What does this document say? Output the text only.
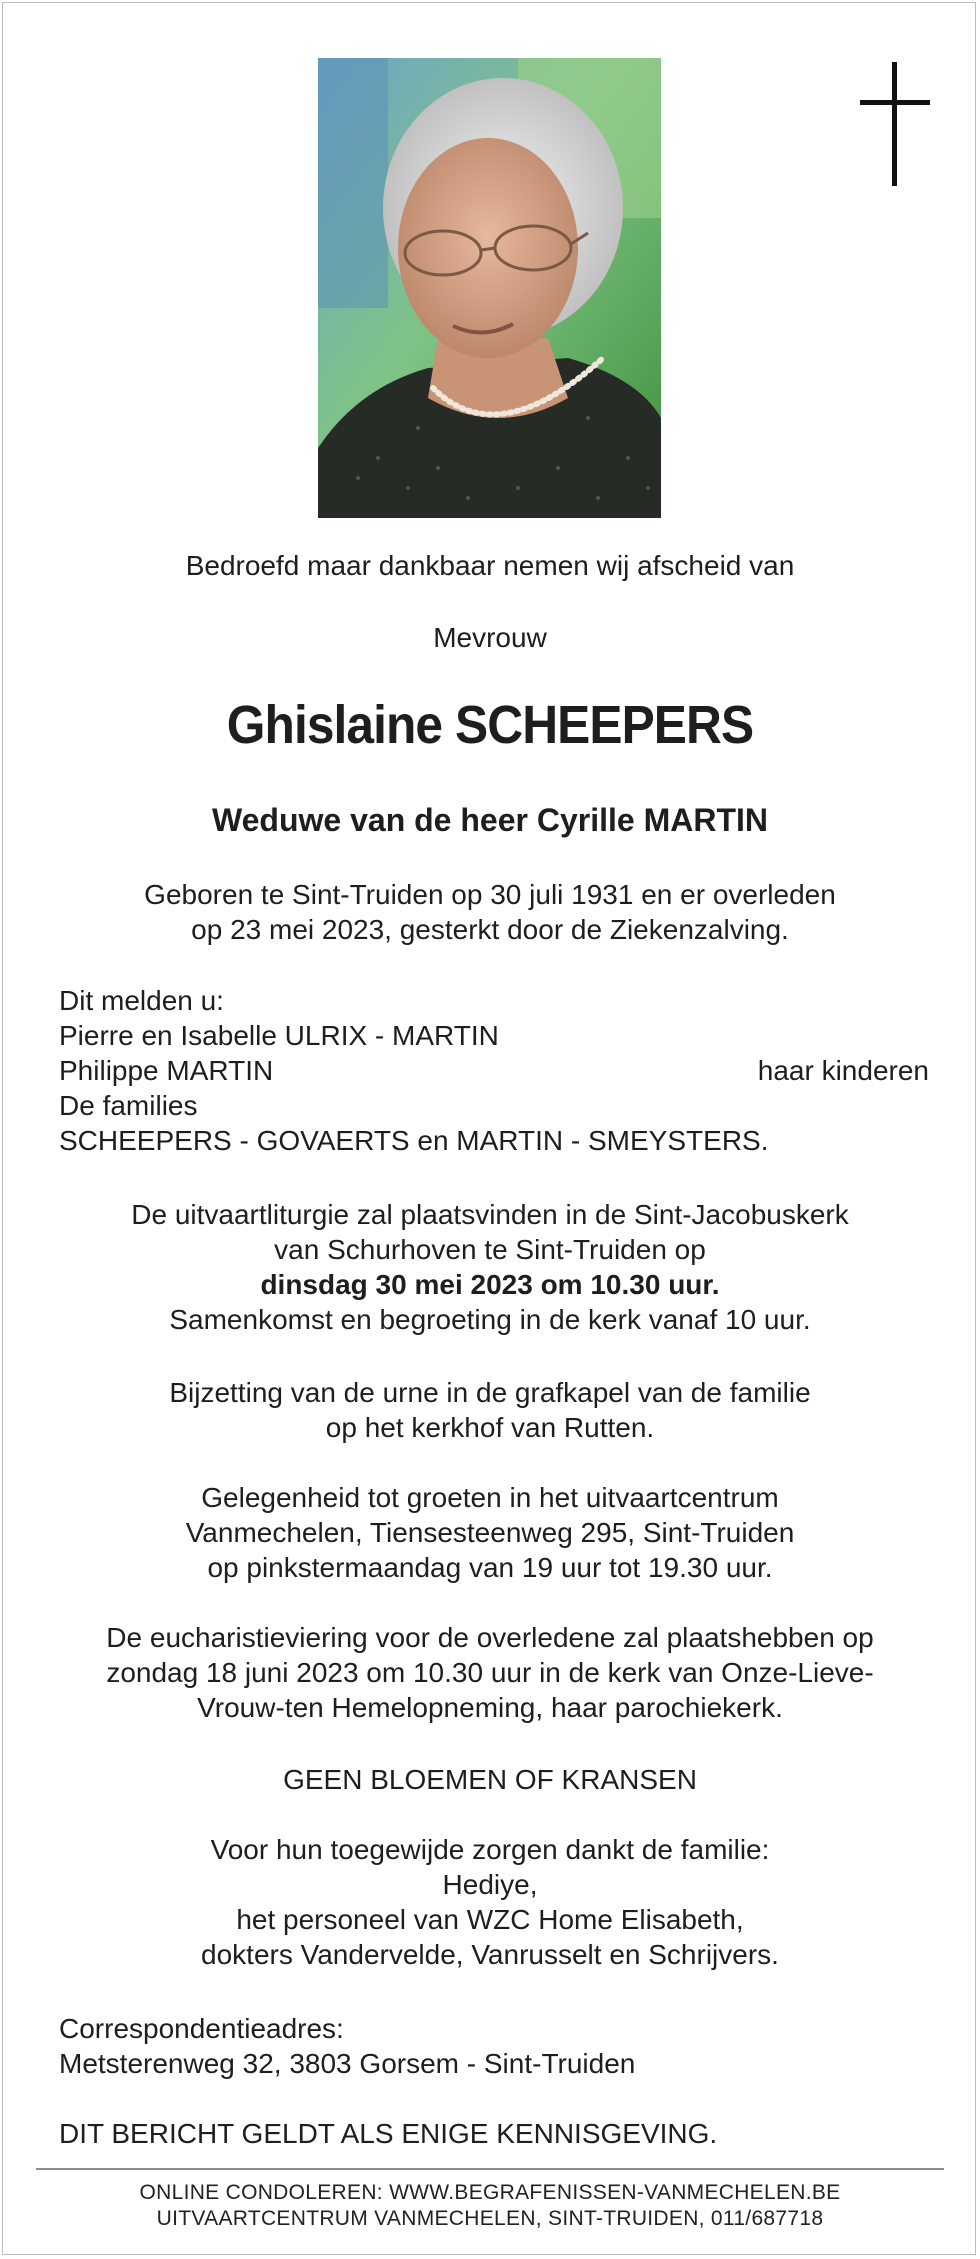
Bedroefd maar dankbaar nemen wij afscheid van
Mevrouw
Ghislaine SCHEEPERS
Weduwe van de heer Cyrille MARTIN
Geboren te Sint-Truiden op 30 juli 1931 en er overleden
op 23 mei 2023, gesterkt door de Ziekenzalving.
Dit melden u:
Pierre en Isabelle ULRIX - MARTIN
Philippe MARTIN	haar kinderen
De families
SCHEEPERS - GOVAERTS en MARTIN - SMEYSTERS.
De uitvaartliturgie zal plaatsvinden in de Sint-Jacobuskerk
van Schurhoven te Sint-Truiden op
dinsdag 30 mei 2023 om 10.30 uur.
Samenkomst en begroeting in de kerk vanaf 10 uur.
Bijzetting van de urne in de grafkapel van de familie
op het kerkhof van Rutten.
Gelegenheid tot groeten in het uitvaartcentrum
Vanmechelen, Tiensesteenweg 295, Sint-Truiden
op pinkstermaandag van 19 uur tot 19.30 uur.
De eucharistieviering voor de overledene zal plaatshebben op
zondag 18 juni 2023 om 10.30 uur in de kerk van Onze-Lieve-
Vrouw-ten Hemelopneming, haar parochiekerk.
GEEN BLOEMEN OF KRANSEN
Voor hun toegewijde zorgen dankt de familie:
Hediye,
het personeel van WZC Home Elisabeth,
dokters Vandervelde, Vanrusselt en Schrijvers.
Correspondentieadres:
Metsterenweg 32, 3803 Gorsem - Sint-Truiden
DIT BERICHT GELDT ALS ENIGE KENNISGEVING.
ONLINE CONDOLEREN: WWW.BEGRAFENISSEN-VANMECHELEN.BE
UITVAARTCENTRUM VANMECHELEN, SINT-TRUIDEN, 011/687718
